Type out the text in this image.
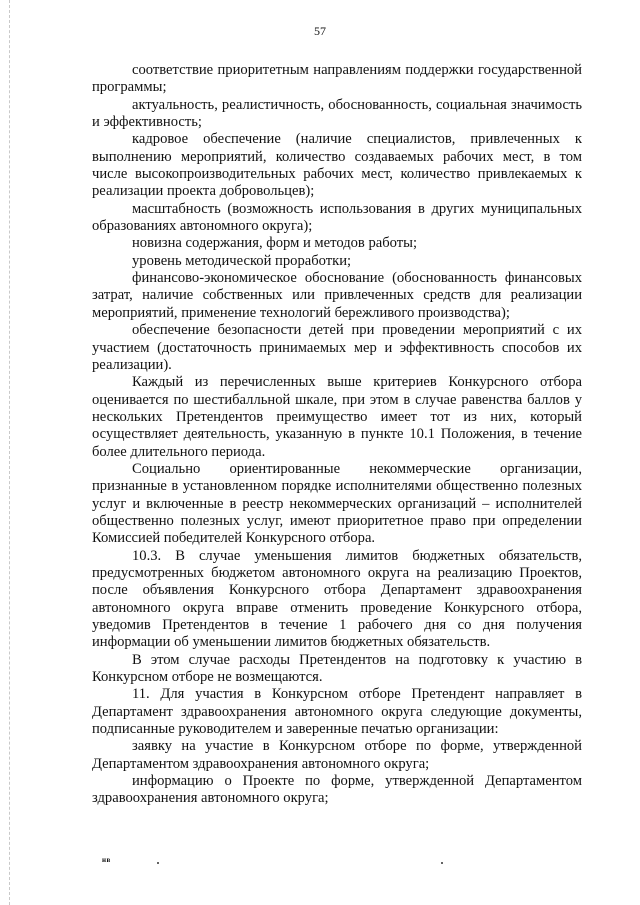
57

соответствие приоритетным направлениям поддержки государственной программы;

актуальность, реалистичность, обоснованность, социальная значимость и эффективность;

кадровое обеспечение (наличие специалистов, привлеченных к выполнению мероприятий, количество создаваемых рабочих мест, в том числе высокопроизводительных рабочих мест, количество привлекаемых к реализации проекта добровольцев);

масштабность (возможность использования в других муниципальных образованиях автономного округа);

новизна содержания, форм и методов работы;

уровень методической проработки;

финансово-экономическое обоснование (обоснованность финансовых затрат, наличие собственных или привлеченных средств для реализации мероприятий, применение технологий бережливого производства);

обеспечение безопасности детей при проведении мероприятий с их участием (достаточность принимаемых мер и эффективность способов их реализации).

Каждый из перечисленных выше критериев Конкурсного отбора оценивается по шестибалльной шкале, при этом в случае равенства баллов у нескольких Претендентов преимущество имеет тот из них, который осуществляет деятельность, указанную в пункте 10.1 Положения, в течение более длительного периода.

Социально ориентированные некоммерческие организации, признанные в установленном порядке исполнителями общественно полезных услуг и включенные в реестр некоммерческих организаций – исполнителей общественно полезных услуг, имеют приоритетное право при определении Комиссией победителей Конкурсного отбора.

10.3. В случае уменьшения лимитов бюджетных обязательств, предусмотренных бюджетом автономного округа на реализацию Проектов, после объявления Конкурсного отбора Департамент здравоохранения автономного округа вправе отменить проведение Конкурсного отбора, уведомив Претендентов в течение 1 рабочего дня со дня получения информации об уменьшении лимитов бюджетных обязательств.

В этом случае расходы Претендентов на подготовку к участию в Конкурсном отборе не возмещаются.

11. Для участия в Конкурсном отборе Претендент направляет в Департамент здравоохранения автономного округа следующие документы, подписанные руководителем и заверенные печатью организации:

заявку на участие в Конкурсном отборе по форме, утвержденной Департаментом здравоохранения автономного округа;

информацию о Проекте по форме, утвержденной Департаментом здравоохранения автономного округа;

нв
